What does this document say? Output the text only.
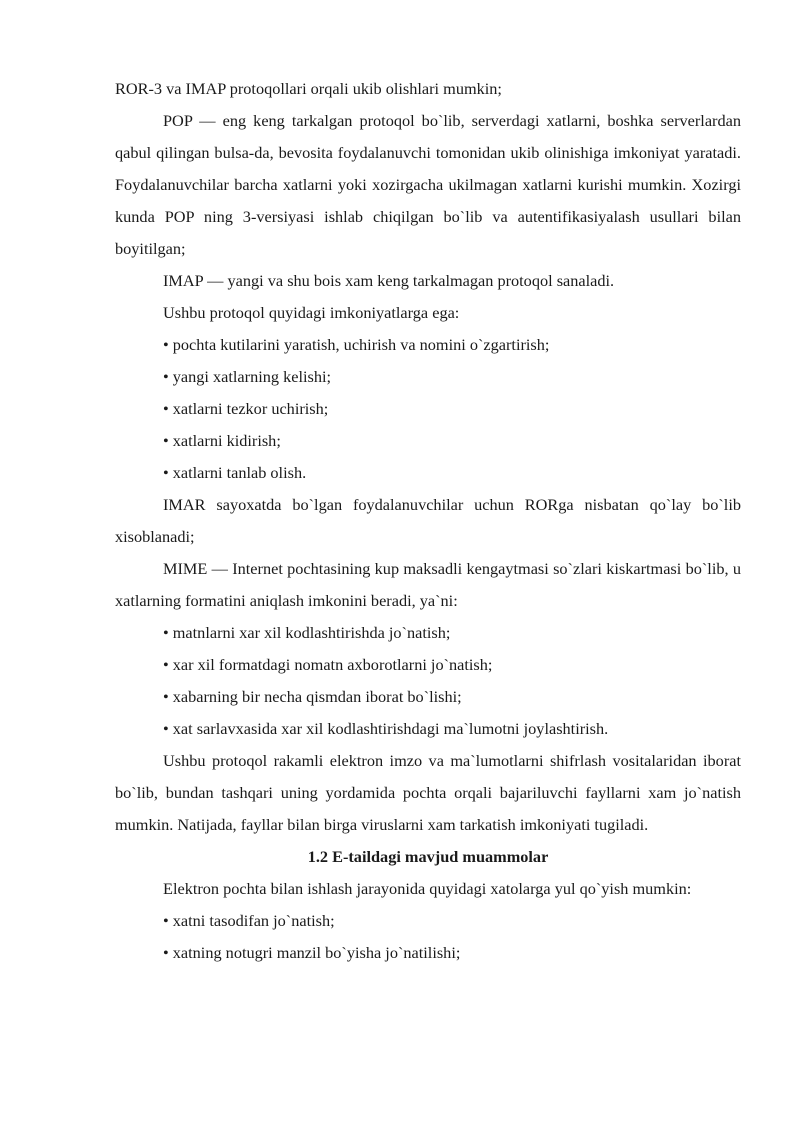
ROR-3 va IMAP protoqollari orqali ukib olishlari mumkin;

POP — eng keng tarkalgan protoqol bo`lib, serverdagi xatlarni, boshka serverlardan qabul qilingan bulsa-da, bevosita foydalanuvchi tomonidan ukib olinishiga imkoniyat yaratadi. Foydalanuvchilar barcha xatlarni yoki xozirgacha ukilmagan xatlarni kurishi mumkin. Xozirgi kunda POP ning 3-versiyasi ishlab chiqilgan bo`lib va autentifikasiyalash usullari bilan boyitilgan;

IMAP — yangi va shu bois xam keng tarkalmagan protoqol sanaladi.

Ushbu protoqol quyidagi imkoniyatlarga ega:

• pochta kutilarini yaratish, uchirish va nomini o`zgartirish;

• yangi xatlarning kelishi;

• xatlarni tezkor uchirish;

• xatlarni kidirish;

• xatlarni tanlab olish.

IMAR sayoxatda bo`lgan foydalanuvchilar uchun RORga nisbatan qo`lay bo`lib xisoblanadi;

MIME — Internet pochtasining kup maksadli kengaytmasi so`zlari kiskartmasi bo`lib, u xatlarning formatini aniqlash imkonini beradi, ya`ni:

• matnlarni xar xil kodlashtirishda jo`natish;

• xar xil formatdagi nomatn axborotlarni jo`natish;

• xabarning bir necha qismdan iborat bo`lishi;

• xat sarlavxasida xar xil kodlashtirishdagi ma`lumotni joylashtirish.

Ushbu protoqol rakamli elektron imzo va ma`lumotlarni shifrlash vositalaridan iborat bo`lib, bundan tashqari uning yordamida pochta orqali bajariluvchi fayllarni xam jo`natish mumkin. Natijada, fayllar bilan birga viruslarni xam tarkatish imkoniyati tugiladi.

1.2 E-taildagi mavjud muammolar

Elektron pochta bilan ishlash jarayonida quyidagi xatolarga yul qo`yish mumkin:

• xatni tasodifan jo`natish;

• xatning notugri manzil bo`yisha jo`natilishi;
